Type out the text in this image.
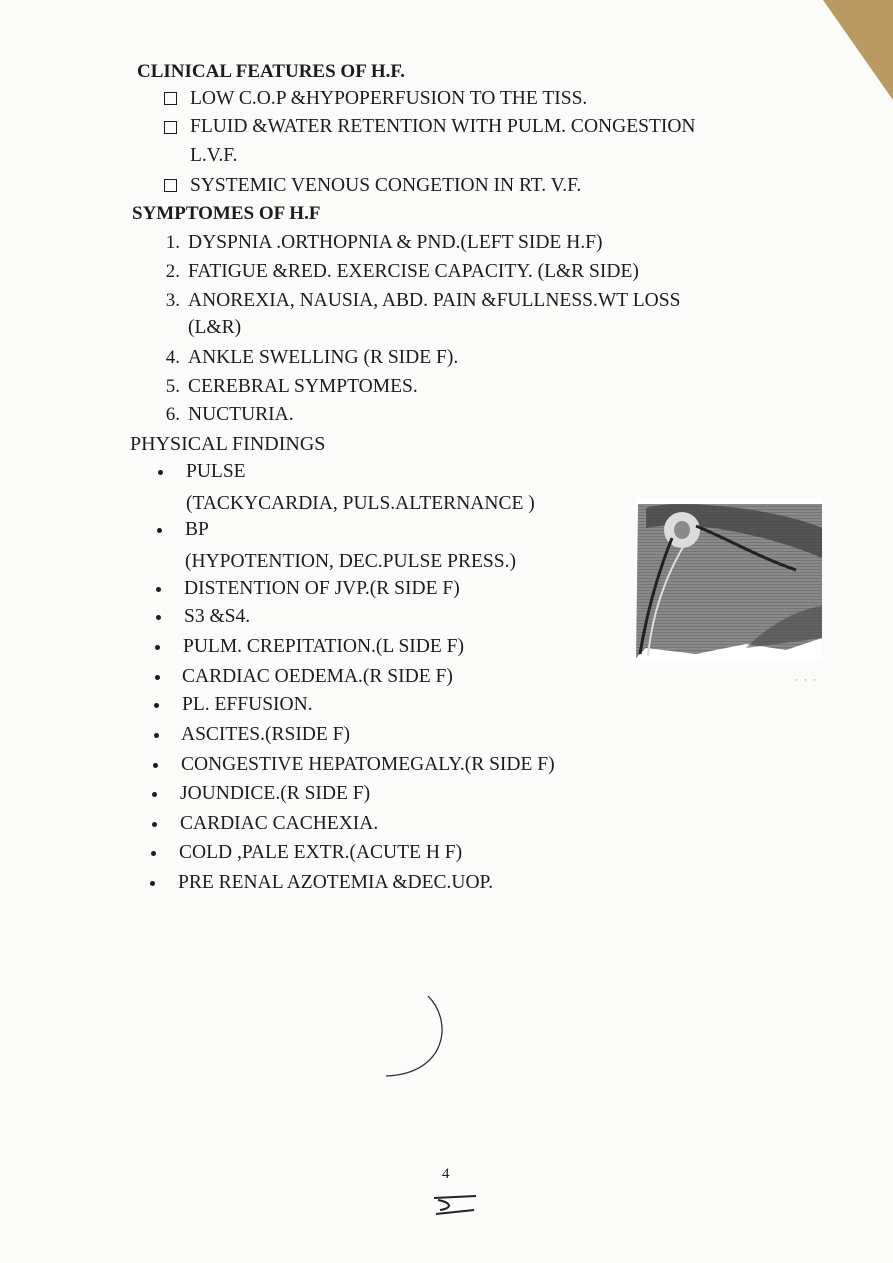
CLINICAL FEATURES OF H.F.
LOW C.O.P &HYPOPERFUSION TO THE TISS.
FLUID &WATER RETENTION WITH PULM. CONGESTION
L.V.F.
SYSTEMIC VENOUS CONGETION IN RT. V.F.
SYMPTOMES OF H.F
1. DYSPNIA .ORTHOPNIA & PND.(LEFT SIDE H.F)
2. FATIGUE &RED. EXERCISE CAPACITY. (L&R SIDE)
3. ANOREXIA, NAUSIA, ABD. PAIN &FULLNESS.WT LOSS
(L&R)
4. ANKLE SWELLING (R SIDE F).
5. CEREBRAL SYMPTOMES.
6. NUCTURIA.
PHYSICAL FINDINGS
PULSE
(TACKYCARDIA, PULS.ALTERNANCE )
BP
(HYPOTENTION, DEC.PULSE PRESS.)
DISTENTION OF JVP.(R SIDE F)
S3 &S4.
PULM. CREPITATION.(L SIDE F)
CARDIAC OEDEMA.(R SIDE F)
PL. EFFUSION.
ASCITES.(RSIDE F)
CONGESTIVE HEPATOMEGALY.(R SIDE F)
JOUNDICE.(R SIDE F)
CARDIAC CACHEXIA.
COLD ,PALE EXTR.(ACUTE H F)
PRE RENAL AZOTEMIA &DEC.UOP.
···
4
